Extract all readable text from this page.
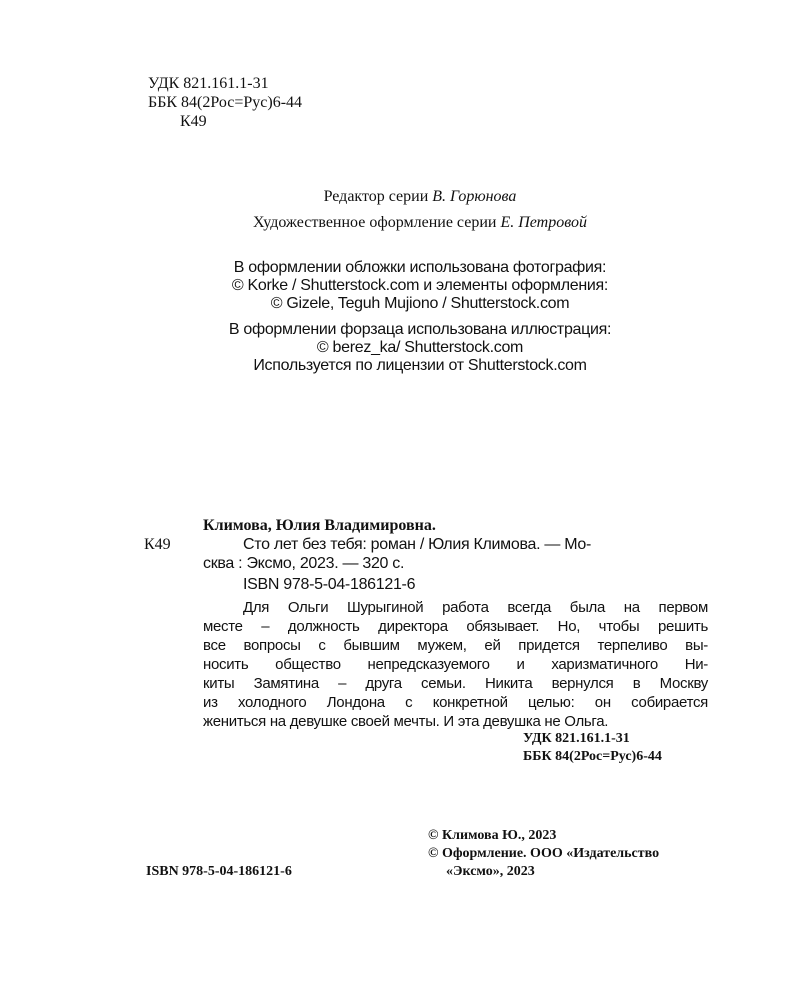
УДК 821.161.1-31
ББК 84(2Рос=Рус)6-44
К49
Редактор серии В. Горюнова
Художественное оформление серии Е. Петровой
В оформлении обложки использована фотография:
© Korke / Shutterstock.com и элементы оформления:
© Gizele, Teguh Mujiono / Shutterstock.com
В оформлении форзаца использована иллюстрация:
© berez_ka/ Shutterstock.com
Используется по лицензии от Shutterstock.com
Климова, Юлия Владимировна.
К49	Сто лет без тебя: роман / Юлия Климова. — Мо-
сква : Эксмо, 2023. — 320 с.
ISBN 978-5-04-186121-6
Для Ольги Шурыгиной работа всегда была на первом
месте – должность директора обязывает. Но, чтобы решить
все вопросы с бывшим мужем, ей придется терпеливо вы-
носить общество непредсказуемого и харизматичного Ни-
киты Замятина – друга семьи. Никита вернулся в Москву
из холодного Лондона с конкретной целью: он собирается
жениться на девушке своей мечты. И эта девушка не Ольга.
УДК 821.161.1-31
ББК 84(2Рос=Рус)6-44
© Климова Ю., 2023
© Оформление. ООО «Издательство
ISBN 978-5-04-186121-6	«Эксмо», 2023
